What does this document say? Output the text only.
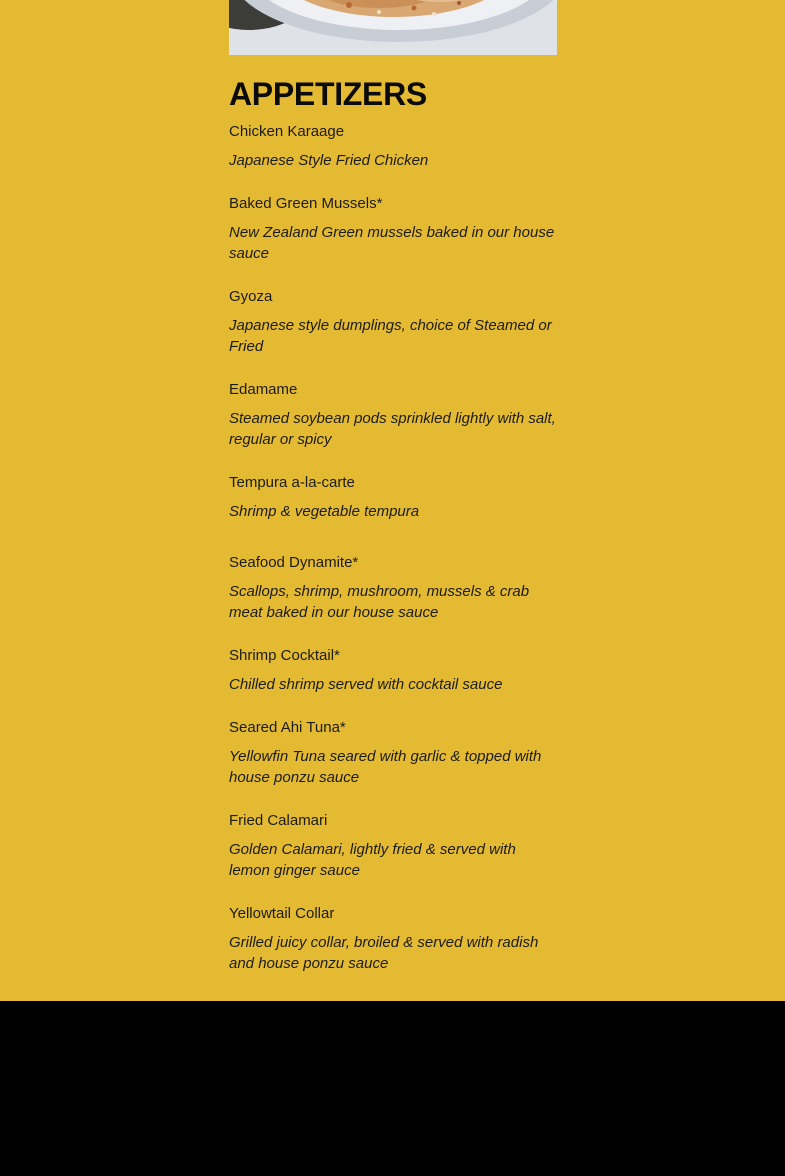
APPETIZERS
Chicken Karaage
Japanese Style Fried Chicken
Baked Green Mussels*
New Zealand Green mussels baked in our house sauce
Gyoza
Japanese style dumplings, choice of Steamed or Fried
Edamame
Steamed soybean pods sprinkled lightly with salt, regular or spicy
Tempura a-la-carte
Shrimp & vegetable tempura
Seafood Dynamite*
Scallops, shrimp, mushroom, mussels & crab meat baked in our house sauce
Shrimp Cocktail*
Chilled shrimp served with cocktail sauce
Seared Ahi Tuna*
Yellowfin Tuna seared with garlic & topped with house ponzu sauce
Fried Calamari
Golden Calamari, lightly fried & served with lemon ginger sauce
Yellowtail Collar
Grilled juicy collar, broiled & served with radish and house ponzu sauce
